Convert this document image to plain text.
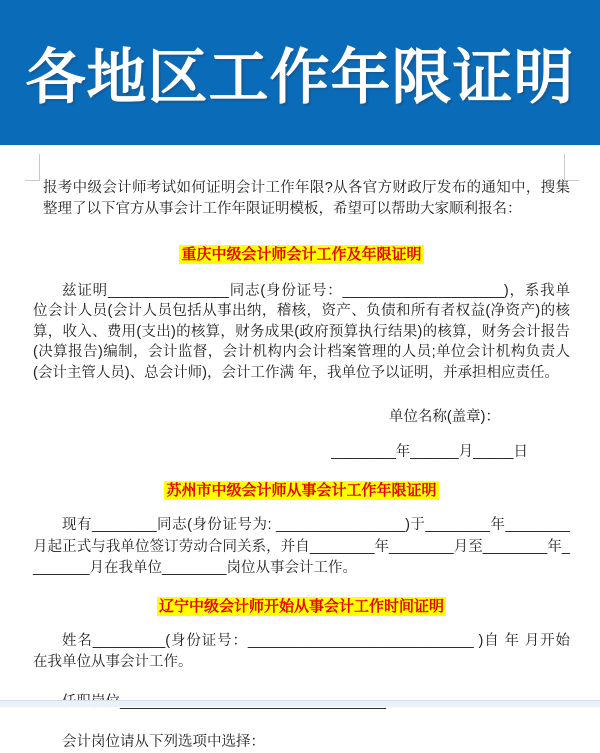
各地区工作年限证明

报考中级会计师考试如何证明会计工作年限?从各官方财政厅发布的通知中，搜集整理了以下官方从事会计工作年限证明模板，希望可以帮助大家顺利报名：

重庆中级会计师会计工作及年限证明

兹证明_______________同志(身份证号：____________________)，系我单位会计人员(会计人员包括从事出纳，稽核，资产、负债和所有者权益(净资产)的核算，收入、费用(支出)的核算，财务成果(政府预算执行结果)的核算，财务会计报告(决算报告)编制，会计监督，会计机构内会计档案管理的人员;单位会计机构负责人(会计主管人员)、总会计师)，会计工作满 年，我单位予以证明，并承担相应责任。

单位名称(盖章)：

________年______月_____日

苏州市中级会计师从事会计工作年限证明

现有________同志(身份证号为: ________________)于________年________月起正式与我单位签订劳动合同关系，并自________年________月至________年________月在我单位________岗位从事会计工作。

辽宁中级会计师开始从事会计工作时间证明

姓名_________(身份证号：____________________________ )自 年 月开始在我单位从事会计工作。

会计岗位请从下列选项中选择：
